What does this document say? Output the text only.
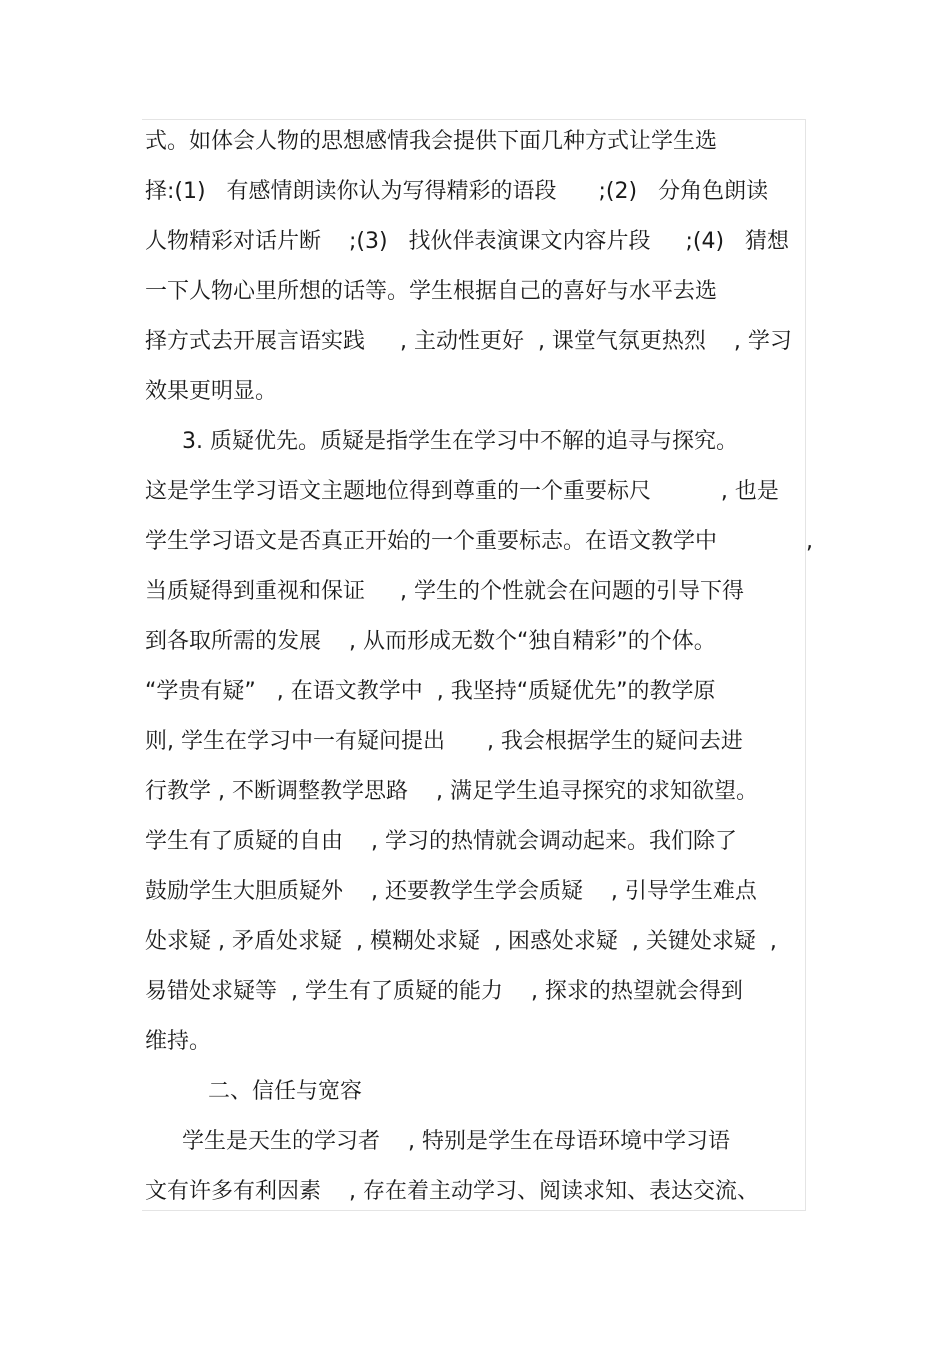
式。如体会人物的思想感情我会提供下面几种方式让学生选
择:(1)   有感情朗读你认为写得精彩的语段      ;(2)   分角色朗读
人物精彩对话片断    ;(3)   找伙伴表演课文内容片段     ;(4)   猜想
一下人物心里所想的话等。学生根据自己的喜好与水平去选
择方式去开展言语实践     , 主动性更好  , 课堂气氛更热烈    , 学习
效果更明显。
3. 质疑优先。质疑是指学生在学习中不解的追寻与探究。
这是学生学习语文主题地位得到尊重的一个重要标尺          , 也是
学生学习语文是否真正开始的一个重要标志。在语文教学中	,
当质疑得到重视和保证     , 学生的个性就会在问题的引导下得
到各取所需的发展    , 从而形成无数个“独自精彩”的个体。
“学贵有疑”   , 在语文教学中  , 我坚持“质疑优先”的教学原
则, 学生在学习中一有疑问提出      , 我会根据学生的疑问去进
行教学 , 不断调整教学思路    , 满足学生追寻探究的求知欲望。
学生有了质疑的自由    , 学习的热情就会调动起来。我们除了
鼓励学生大胆质疑外    , 还要教学生学会质疑    , 引导学生难点
处求疑 , 矛盾处求疑  , 模糊处求疑  , 困惑处求疑  , 关键处求疑  ,
易错处求疑等  , 学生有了质疑的能力    , 探求的热望就会得到
维持。
二、信任与宽容
学生是天生的学习者    , 特别是学生在母语环境中学习语
文有许多有利因素    , 存在着主动学习、阅读求知、表达交流、
